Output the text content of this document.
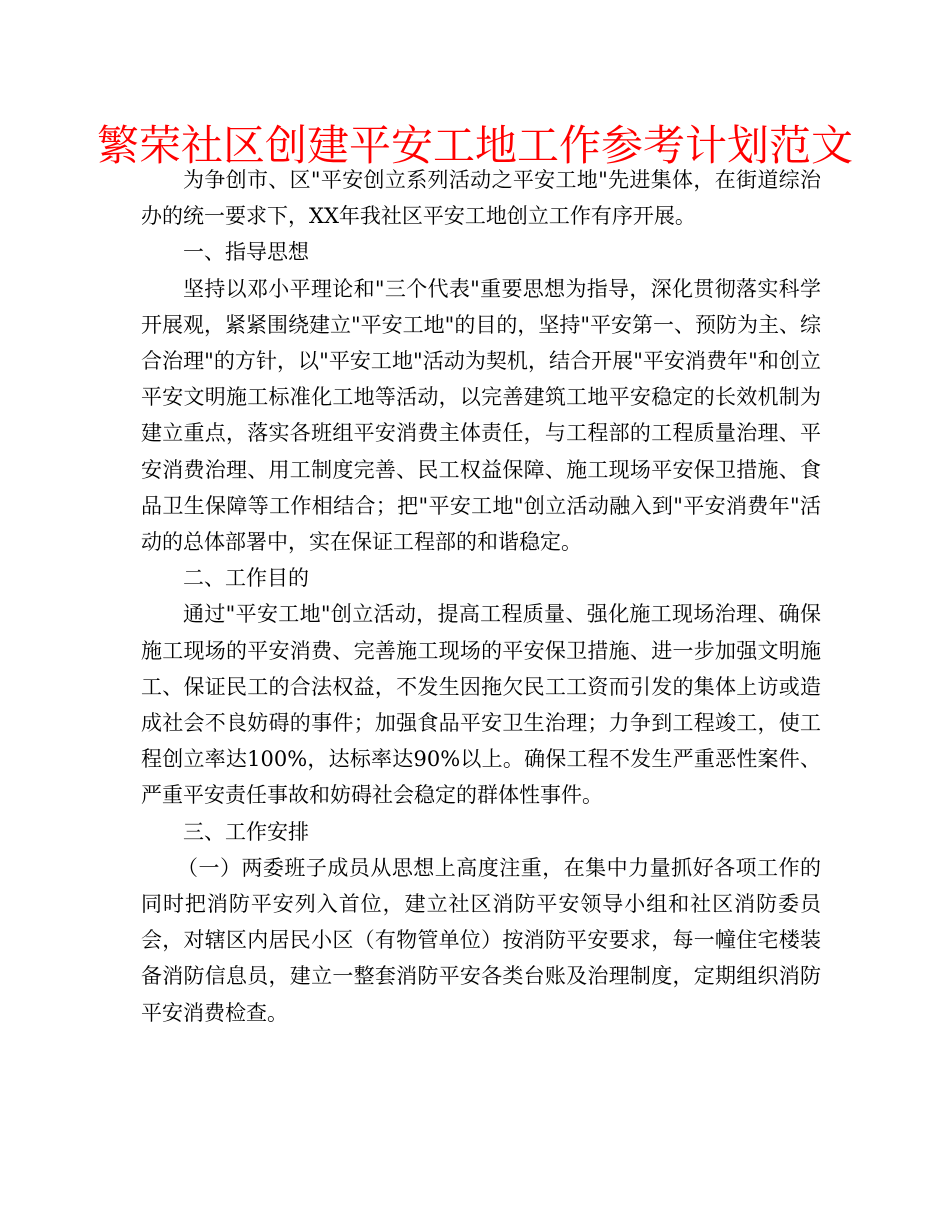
繁荣社区创建平安工地工作参考计划范文

为争创市、区"平安创立系列活动之平安工地"先进集体，在街道综治办的统一要求下，XX年我社区平安工地创立工作有序开展。

一、指导思想

坚持以邓小平理论和"三个代表"重要思想为指导，深化贯彻落实科学开展观，紧紧围绕建立"平安工地"的目的，坚持"平安第一、预防为主、综合治理"的方针，以"平安工地"活动为契机，结合开展"平安消费年"和创立平安文明施工标准化工地等活动，以完善建筑工地平安稳定的长效机制为建立重点，落实各班组平安消费主体责任，与工程部的工程质量治理、平安消费治理、用工制度完善、民工权益保障、施工现场平安保卫措施、食品卫生保障等工作相结合；把"平安工地"创立活动融入到"平安消费年"活动的总体部署中，实在保证工程部的和谐稳定。

二、工作目的

通过"平安工地"创立活动，提高工程质量、强化施工现场治理、确保施工现场的平安消费、完善施工现场的平安保卫措施、进一步加强文明施工、保证民工的合法权益，不发生因拖欠民工工资而引发的集体上访或造成社会不良妨碍的事件；加强食品平安卫生治理；力争到工程竣工，使工程创立率达100%，达标率达90%以上。确保工程不发生严重恶性案件、严重平安责任事故和妨碍社会稳定的群体性事件。

三、工作安排

（一）两委班子成员从思想上高度注重，在集中力量抓好各项工作的同时把消防平安列入首位，建立社区消防平安领导小组和社区消防委员会，对辖区内居民小区（有物管单位）按消防平安要求，每一幢住宅楼装备消防信息员，建立一整套消防平安各类台账及治理制度，定期组织消防平安消费检查。
